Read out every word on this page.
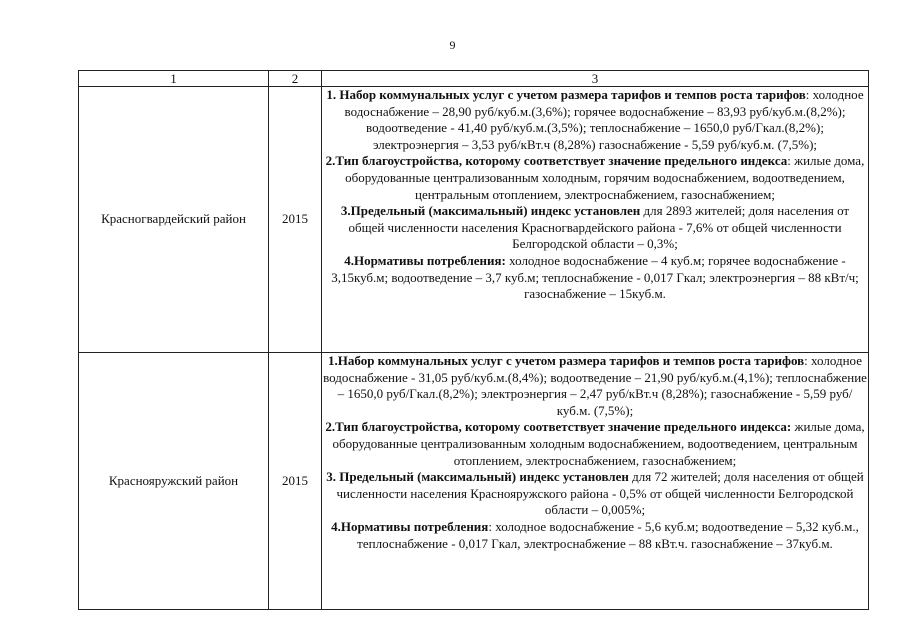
9
1	2	3
Красногвардейский район	2015	1. Набор коммунальных услуг с учетом размера тарифов и темпов роста тарифов: холодное водоснабжение – 28,90 руб/куб.м.(3,6%); горячее водоснабжение – 83,93 руб/куб.м.(8,2%); водоотведение - 41,40 руб/куб.м.(3,5%); теплоснабжение – 1650,0 руб/Гкал.(8,2%); электроэнергия – 3,53 руб/кВт.ч (8,28%) газоснабжение - 5,59 руб/куб.м. (7,5%);
2.Тип благоустройства, которому соответствует значение предельного индекса: жилые дома, оборудованные централизованным холодным, горячим водоснабжением, водоотведением, центральным отоплением, электроснабжением, газоснабжением;
3.Предельный (максимальный) индекс установлен для 2893 жителей; доля населения от общей численности населения Красногвардейского района - 7,6% от общей численности Белгородской области – 0,3%;
4.Нормативы потребления: холодное водоснабжение – 4 куб.м; горячее водоснабжение - 3,15куб.м; водоотведение – 3,7 куб.м; теплоснабжение - 0,017 Гкал; электроэнергия – 88 кВт/ч; газоснабжение – 15куб.м.

Краснояружский район	2015	1.Набор коммунальных услуг с учетом размера тарифов и темпов роста тарифов: холодное водоснабжение - 31,05 руб/куб.м.(8,4%); водоотведение – 21,90 руб/куб.м.(4,1%); теплоснабжение – 1650,0 руб/Гкал.(8,2%); электроэнергия – 2,47 руб/кВт.ч (8,28%); газоснабжение - 5,59 руб/куб.м. (7,5%);
2.Тип благоустройства, которому соответствует значение предельного индекса: жилые дома, оборудованные централизованным холодным водоснабжением, водоотведением, центральным отоплением, электроснабжением, газоснабжением;
3. Предельный (максимальный) индекс установлен для 72 жителей; доля населения от общей численности населения Краснояружского района - 0,5% от общей численности Белгородской области – 0,005%;
4.Нормативы потребления: холодное водоснабжение - 5,6 куб.м; водоотведение – 5,32 куб.м., теплоснабжение - 0,017 Гкал, электроснабжение – 88 кВт.ч. газоснабжение – 37куб.м.
